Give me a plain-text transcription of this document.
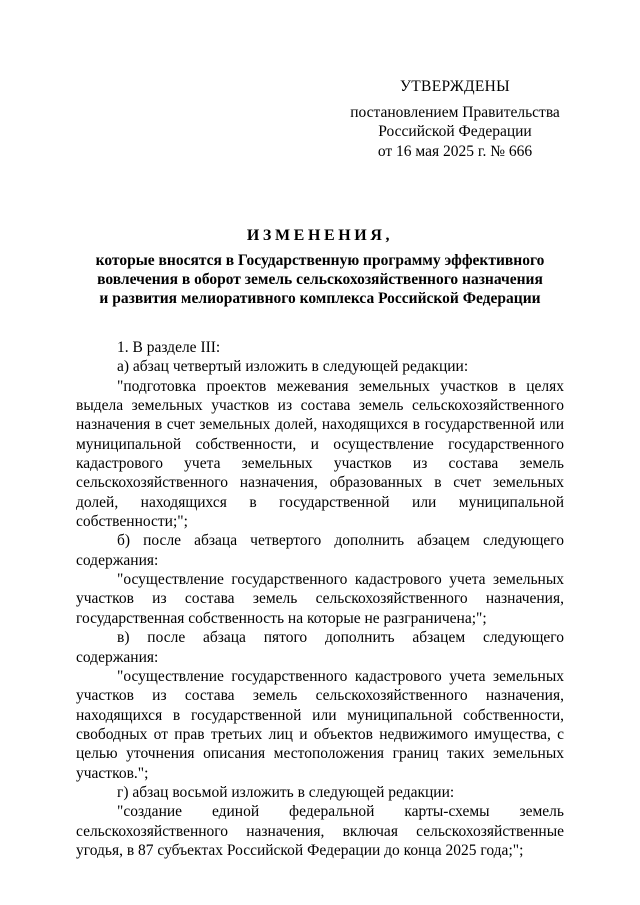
УТВЕРЖДЕНЫ
постановлением Правительства
Российской Федерации
от 16 мая 2025 г. № 666
ИЗМЕНЕНИЯ,
которые вносятся в Государственную программу эффективного
вовлечения в оборот земель сельскохозяйственного назначения
и развития мелиоративного комплекса Российской Федерации

1. В разделе III:

а) абзац четвертый изложить в следующей редакции:

"подготовка проектов межевания земельных участков в целях выдела земельных участков из состава земель сельскохозяйственного назначения в счет земельных долей, находящихся в государственной или муниципальной собственности, и осуществление государственного кадастрового учета земельных участков из состава земель сельскохозяйственного назначения, образованных в счет земельных долей, находящихся в государственной или муниципальной собственности;";

б) после абзаца четвертого дополнить абзацем следующего содержания:

"осуществление государственного кадастрового учета земельных участков из состава земель сельскохозяйственного назначения, государственная собственность на которые не разграничена;";

в) после абзаца пятого дополнить абзацем следующего содержания:

"осуществление государственного кадастрового учета земельных участков из состава земель сельскохозяйственного назначения, находящихся в государственной или муниципальной собственности, свободных от прав третьих лиц и объектов недвижимого имущества, с целью уточнения описания местоположения границ таких земельных участков.";

г) абзац восьмой изложить в следующей редакции:

"создание единой федеральной карты-схемы земель сельскохозяйственного назначения, включая сельскохозяйственные угодья, в 87 субъектах Российской Федерации до конца 2025 года;";
